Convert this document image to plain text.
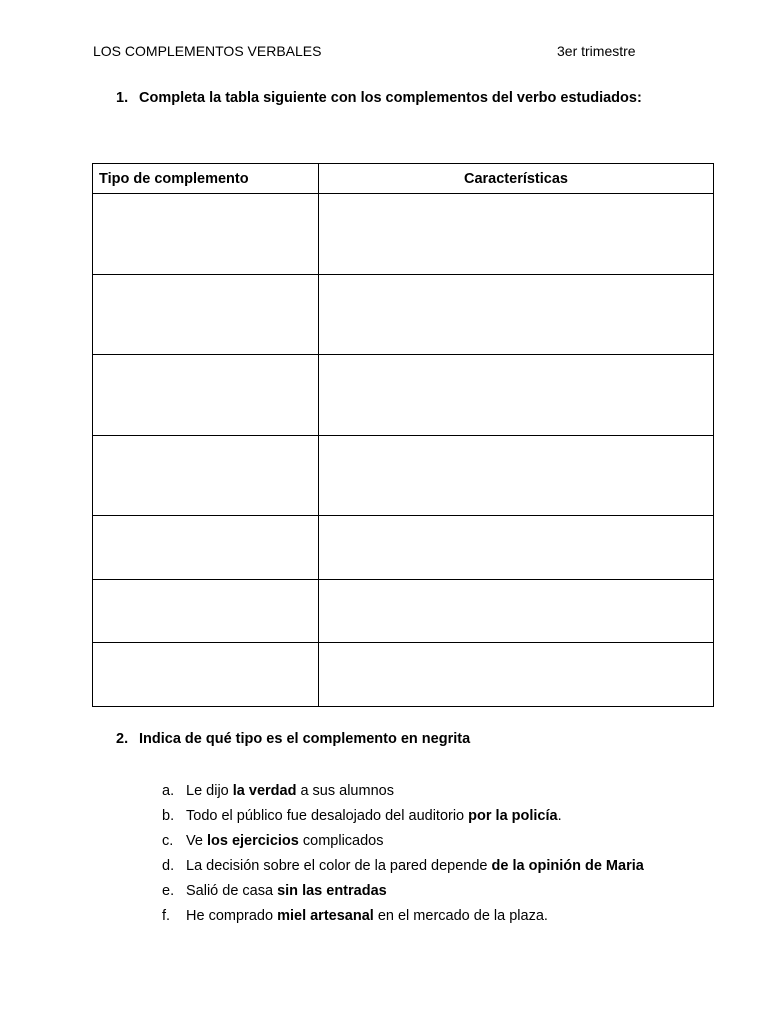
LOS COMPLEMENTOS VERBALES	3er trimestre
1. Completa la tabla siguiente con los complementos del verbo estudiados:
Tipo de complemento	Características

2. Indica de qué tipo es el complemento en negrita
a. Le dijo la verdad a sus alumnos
b. Todo el público fue desalojado del auditorio por la policía.
c. Ve los ejercicios complicados
d. La decisión sobre el color de la pared depende de la opinión de Maria
e. Salió de casa sin las entradas
f. He comprado miel artesanal en el mercado de la plaza.
